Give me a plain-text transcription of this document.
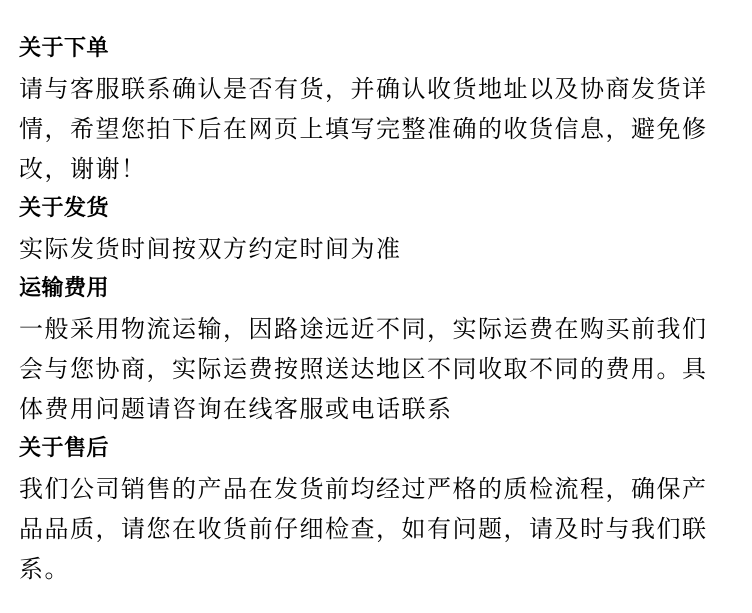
关于下单

请与客服联系确认是否有货，并确认收货地址以及协商发货详
情，希望您拍下后在网页上填写完整准确的收货信息，避免修
改，谢谢！

关于发货

实际发货时间按双方约定时间为准

运输费用

一般采用物流运输，因路途远近不同，实际运费在购买前我们
会与您协商，实际运费按照送达地区不同收取不同的费用。具
体费用问题请咨询在线客服或电话联系

关于售后

我们公司销售的产品在发货前均经过严格的质检流程，确保产
品品质，请您在收货前仔细检查，如有问题，请及时与我们联
系。
